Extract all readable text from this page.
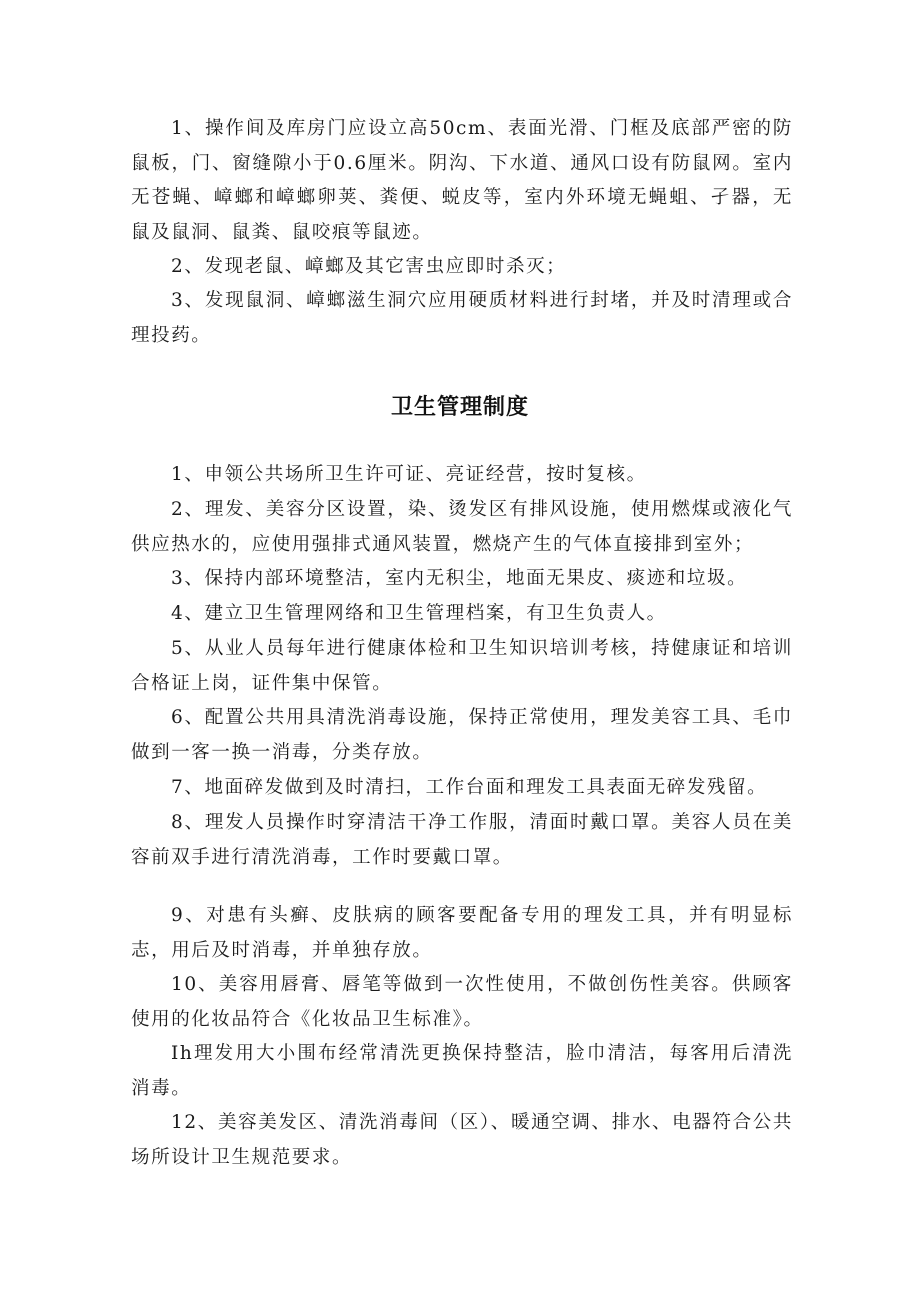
1、操作间及库房门应设立高50cm、表面光滑、门框及底部严密的防鼠板，门、窗缝隙小于0.6厘米。阴沟、下水道、通风口设有防鼠网。室内无苍蝇、嶂螂和嶂螂卵荚、粪便、蜕皮等，室内外环境无蝇蛆、孑器，无鼠及鼠洞、鼠粪、鼠咬痕等鼠迹。

2、发现老鼠、嶂螂及其它害虫应即时杀灭；

3、发现鼠洞、嶂螂滋生洞穴应用硬质材料进行封堵，并及时清理或合理投药。

卫生管理制度

1、申领公共场所卫生许可证、亮证经营，按时复核。

2、理发、美容分区设置，染、烫发区有排风设施，使用燃煤或液化气供应热水的，应使用强排式通风装置，燃烧产生的气体直接排到室外；

3、保持内部环境整洁，室内无积尘，地面无果皮、痰迹和垃圾。

4、建立卫生管理网络和卫生管理档案，有卫生负责人。

5、从业人员每年进行健康体检和卫生知识培训考核，持健康证和培训合格证上岗，证件集中保管。

6、配置公共用具清洗消毒设施，保持正常使用，理发美容工具、毛巾做到一客一换一消毒，分类存放。

7、地面碎发做到及时清扫，工作台面和理发工具表面无碎发残留。

8、理发人员操作时穿清洁干净工作服，清面时戴口罩。美容人员在美容前双手进行清洗消毒，工作时要戴口罩。

9、对患有头癣、皮肤病的顾客要配备专用的理发工具，并有明显标志，用后及时消毒，并单独存放。

10、美容用唇膏、唇笔等做到一次性使用，不做创伤性美容。供顾客使用的化妆品符合《化妆品卫生标准》。

Ih理发用大小围布经常清洗更换保持整洁，脸巾清洁，每客用后清洗消毒。

12、美容美发区、清洗消毒间（区）、暖通空调、排水、电器符合公共场所设计卫生规范要求。
